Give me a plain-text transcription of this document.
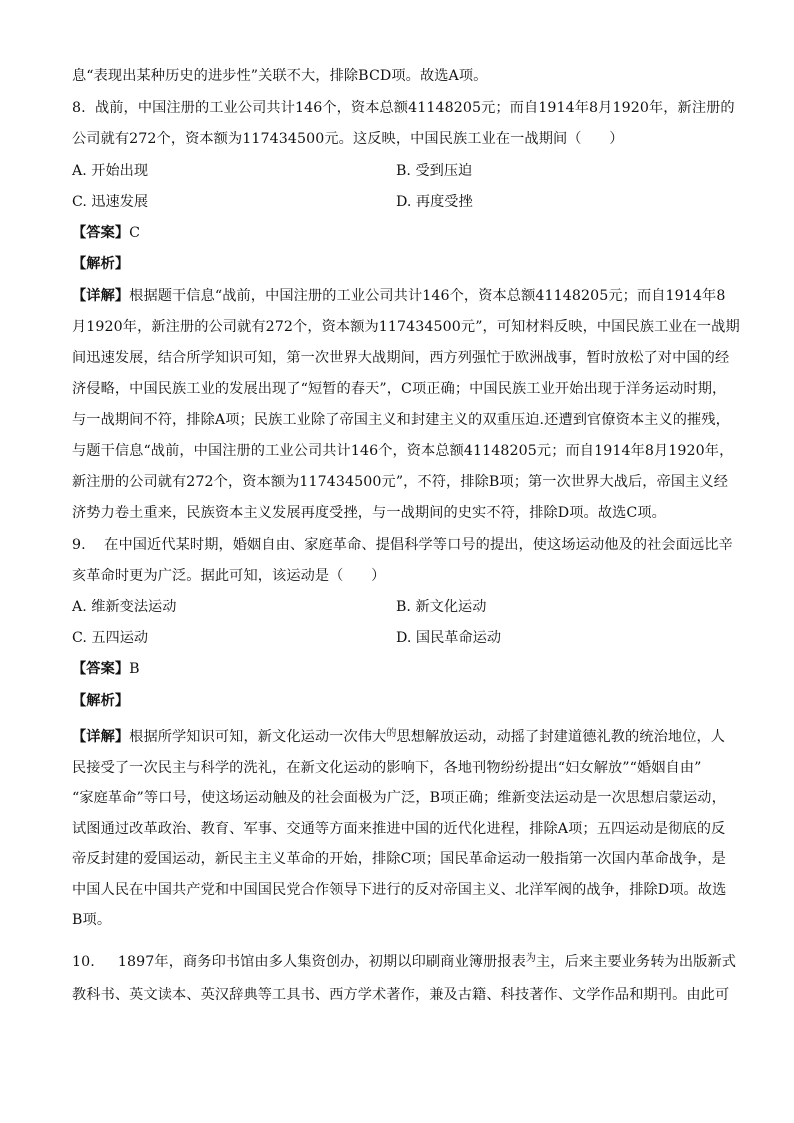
息“表现出某种历史的进步性”关联不大，排除BCD项。故选A项。
8.  战前，中国注册的工业公司共计146个，资本总额41148205元；而自1914年8月1920年，新注册的
公司就有272个，资本额为117434500元。这反映，中国民族工业在一战期间（      ）
A. 开始出现	B. 受到压迫
C. 迅速发展	D. 再度受挫
【答案】C
【解析】
【详解】根据题干信息“战前，中国注册的工业公司共计146个，资本总额41148205元；而自1914年8
月1920年，新注册的公司就有272个，资本额为117434500元”，可知材料反映，中国民族工业在一战期
间迅速发展，结合所学知识可知，第一次世界大战期间，西方列强忙于欧洲战事，暂时放松了对中国的经
济侵略，中国民族工业的发展出现了“短暂的春天”，C项正确；中国民族工业开始出现于洋务运动时期，
与一战期间不符，排除A项；民族工业除了帝国主义和封建主义的双重压迫.还遭到官僚资本主义的摧残，
与题干信息“战前，中国注册的工业公司共计146个，资本总额41148205元；而自1914年8月1920年，
新注册的公司就有272个，资本额为117434500元”，不符，排除B项；第一次世界大战后，帝国主义经
济势力卷土重来，民族资本主义发展再度受挫，与一战期间的史实不符，排除D项。故选C项。
9.    在中国近代某时期，婚姻自由、家庭革命、提倡科学等口号的提出，使这场运动他及的社会面远比辛
亥革命时更为广泛。据此可知，该运动是（      ）
A. 维新变法运动	B. 新文化运动
C. 五四运动	D. 国民革命运动
【答案】B
【解析】
【详解】根据所学知识可知，新文化运动一次伟大$^的$思想解放运动，动摇了封建道德礼教的统治地位，人
民接受了一次民主与科学的洗礼，在新文化运动的影响下，各地刊物纷纷提出“妇女解放”“婚姻自由”
“家庭革命”等口号，使这场运动触及的社会面极为广泛，B项正确；维新变法运动是一次思想启蒙运动，
试图通过改革政治、教育、军事、交通等方面来推进中国的近代化进程，排除A项；五四运动是彻底的反
帝反封建的爱国运动，新民主主义革命的开始，排除C项；国民革命运动一般指第一次国内革命战争，是
中国人民在中国共产党和中国国民党合作领导下进行的反对帝国主义、北洋军阀的战争，排除D项。故选
B项。
10.     1897年，商务印书馆由多人集资创办，初期以印刷商业簿册报表$^为$主，后来主要业务转为出版新式
教科书、英文读本、英汉辞典等工具书、西方学术著作，兼及古籍、科技著作、文学作品和期刊。由此可
